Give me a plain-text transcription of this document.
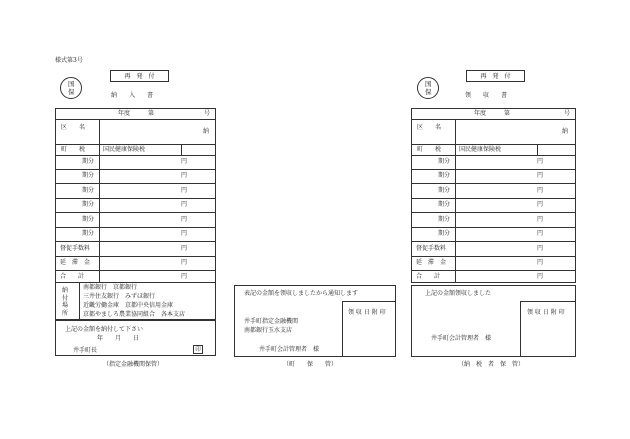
様式第3号
国
保
再　発　付
納　　入　　書
年度	第	号
区　　名
納
町　　税	国民健康保険税
期分	円
期分	円
期分	円
期分	円
期分	円
期分	円
督促手数料	円
延　滞　金	円
合　　計	円
納付場所
南都銀行　京都銀行
三井住友銀行　みずほ銀行
近畿労働金庫　京都中央信用金庫
京都やましろ農業協同組合　各本支店
上記の金額を納付して下さい
年　　月　　日
井手町長	印
（指定金融機関保管）
表記の金額を領収しましたから通知します
井手町指定金融機関
南都銀行玉水支店
井手町会計管理者　様
領 収 日 附 印
（町　　保　　管）
国
保
再　発　付
領　　収　　書
年度	第	号
区　　名
納
町　　税	国民健康保険税
期分	円
期分	円
期分	円
期分	円
期分	円
期分	円
督促手数料	円
延　滞　金	円
合　　計	円
上記の金額領収しました
井手町会計管理者　様
領 収 日 附 印
（納　税　者　保　管）
